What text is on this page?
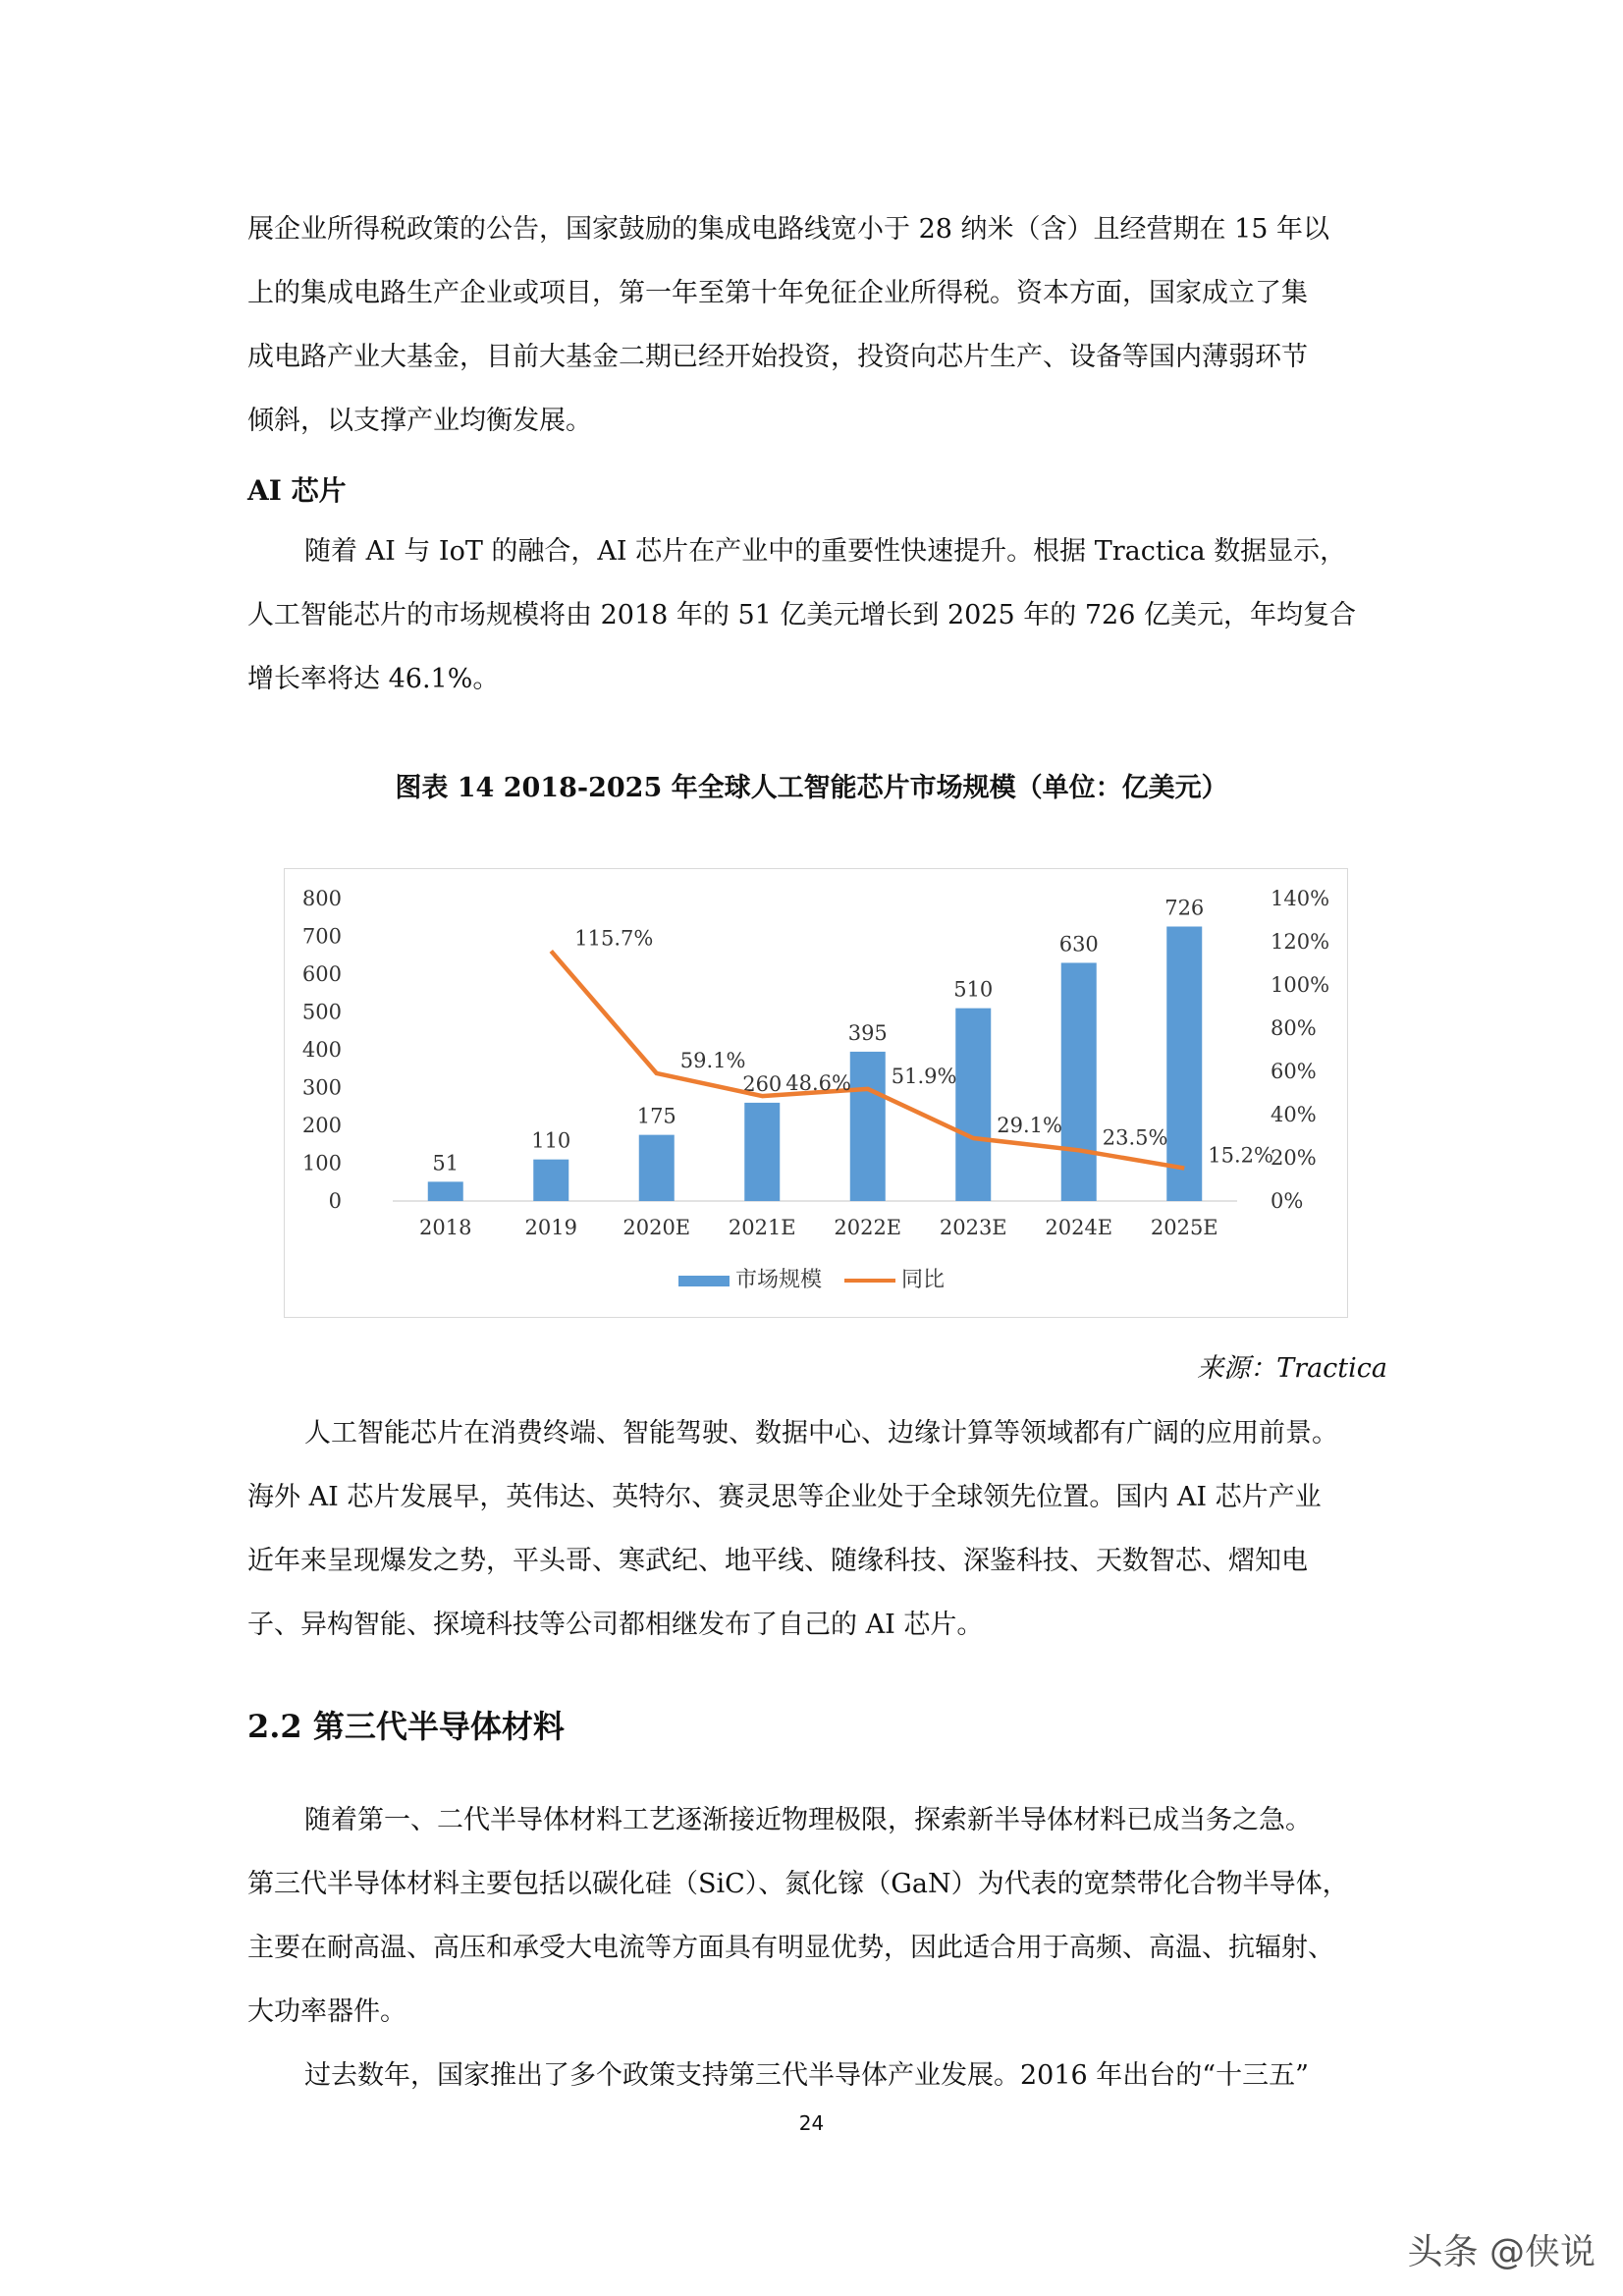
展企业所得税政策的公告，国家鼓励的集成电路线宽小于 28 纳米（含）且经营期在 15 年以
上的集成电路生产企业或项目，第一年至第十年免征企业所得税。资本方面，国家成立了集
成电路产业大基金，目前大基金二期已经开始投资，投资向芯片生产、设备等国内薄弱环节
倾斜，以支撑产业均衡发展。

AI 芯片

随着 AI 与 IoT 的融合，AI 芯片在产业中的重要性快速提升。根据 Tractica 数据显示，
人工智能芯片的市场规模将由 2018 年的 51 亿美元增长到 2025 年的 726 亿美元，年均复合
增长率将达 46.1%。

图表 14 2018-2025 年全球人工智能芯片市场规模（单位：亿美元）
0
100
200
300
400
500
600
700
800
0%
20%
40%
60%
80%
100%
120%
140%
51
110
175
260
395
510
630
726
2018	2019 2020E 2021E 2022E 2023E 2024E 2025E
115.7%
59.1%
48.6% 51.9%
29.1%
23.5%
15.2%
市场规模	同比
来源：Tractica

人工智能芯片在消费终端、智能驾驶、数据中心、边缘计算等领域都有广阔的应用前景。
海外 AI 芯片发展早，英伟达、英特尔、赛灵思等企业处于全球领先位置。国内 AI 芯片产业
近年来呈现爆发之势，平头哥、寒武纪、地平线、随缘科技、深鉴科技、天数智芯、熠知电
子、异构智能、探境科技等公司都相继发布了自己的 AI 芯片。

2.2 第三代半导体材料

随着第一、二代半导体材料工艺逐渐接近物理极限，探索新半导体材料已成当务之急。
第三代半导体材料主要包括以碳化硅（SiC）、氮化镓（GaN）为代表的宽禁带化合物半导体，
主要在耐高温、高压和承受大电流等方面具有明显优势，因此适合用于高频、高温、抗辐射、
大功率器件。

过去数年，国家推出了多个政策支持第三代半导体产业发展。2016 年出台的“十三五”

24
头条 @侠说
